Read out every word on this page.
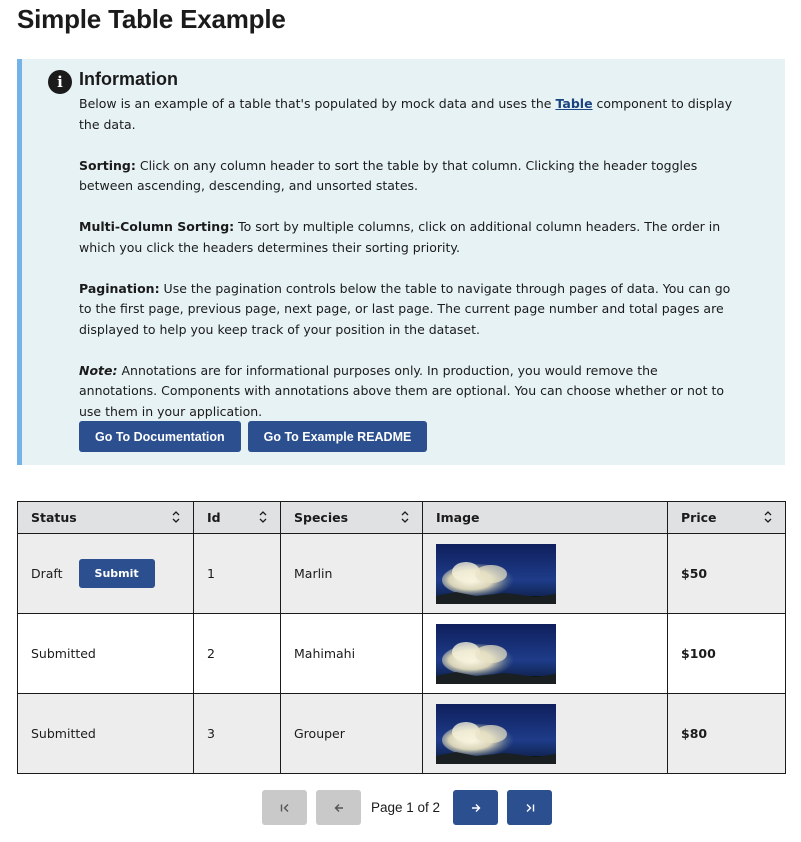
Simple Table Example
i Information

Below is an example of a table that's populated by mock data and uses the Table component to display the data.

Sorting: Click on any column header to sort the table by that column. Clicking the header toggles between ascending, descending, and unsorted states.

Multi-Column Sorting: To sort by multiple columns, click on additional column headers. The order in which you click the headers determines their sorting priority.

Pagination: Use the pagination controls below the table to navigate through pages of data. You can go to the first page, previous page, next page, or last page. The current page number and total pages are displayed to help you keep track of your position in the dataset.

Note: Annotations are for informational purposes only. In production, you would remove the annotations. Components with annotations above them are optional. You can choose whether or not to use them in your application.

Go To Documentation	Go To Example README
Status	Id	Species	Image	Price

Draft Submit	1	Marlin		$50
Submitted	2	Mahimahi		$100
Submitted	3	Grouper		$80
Page 1 of 2
